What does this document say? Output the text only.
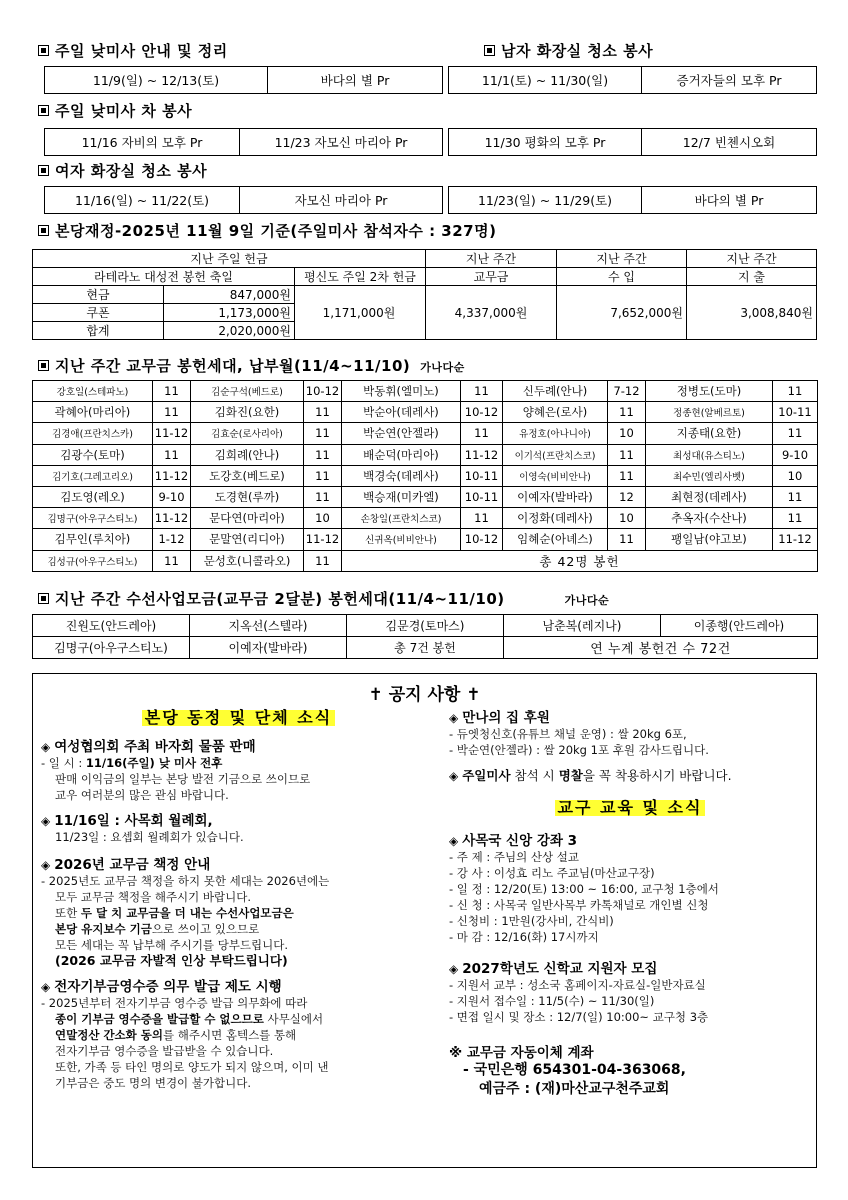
주일 낮미사 안내 및 정리
11/9(일) ~ 12/13(토)	바다의 별 Pr
남자 화장실 청소 봉사
11/1(토) ~ 11/30(일)	증거자들의 모후 Pr
주일 낮미사 차 봉사
11/16 자비의 모후 Pr	11/23 자모신 마리아 Pr	11/30 평화의 모후 Pr	12/7 빈첸시오회
여자 화장실 청소 봉사
11/16(일) ~ 11/22(토)	자모신 마리아 Pr	11/23(일) ~ 11/29(토)	바다의 별 Pr
본당재정-2025년 11월 9일 기준(주일미사 참석자수 : 327명)
지난 주일 헌금			지난 주간	지난 주간	지난 주간
라테라노 대성전 봉헌 축일		평신도 주일 2차 헌금	교무금	수 입	지 출
현금	847,000원	1,171,000원	4,337,000원	7,652,000원	3,008,840원
쿠폰	1,173,000원				
합계	2,020,000원				
지난 주간 교무금 봉헌세대, 납부월(11/4~11/10) 가나다순
강호일(스테파노)	11	김순구석(베드로)	10-12	박동휘(엘미노)	11	신두례(안나)	7-12	정병도(도마)	11
곽혜아(마리아)	11	김화진(요한)	11	박순아(데레사)	10-12	양혜은(로사)	11	정종현(알베르토)	10-11
김경애(프란치스카)	11-12	김효순(로사리아)	11	박순연(안젤라)	11	유정호(아나니아)	10	지종태(요한)	11
김광수(토마)	11	김희례(안나)	11	배순덕(마리아)	11-12	이기석(프란치스코)	11	최성대(유스티노)	9-10
김기호(그레고리오)	11-12	도강호(베드로)	11	백경숙(데레사)	10-11	이영숙(비비안나)	11	최수민(엘리사벳)	10
김도영(레오)	9-10	도경현(루까)	11	백승재(미카엘)	10-11	이예자(발바라)	12	최현정(데레사)	11
김명구(아우구스티노)	11-12	문다연(마리아)	10	손창일(프란치스코)	11	이정화(데레사)	10	추옥자(수산나)	11
김무인(루치아)	1-12	문말연(리디아)	11-12	신귀옥(비비안나)	10-12	임혜순(아녜스)	11	팽일남(야고보)	11-12
김성규(아우구스티노)	11	문성호(니콜라오)	11	총 42명 봉헌					
지난 주간 수선사업모금(교무금 2달분) 봉헌세대(11/4~11/10)	가나다순
진원도(안드레아)	지옥선(스텔라)	김문경(토마스)	남춘복(레지나)	이종행(안드레아)
김명구(아우구스티노)	이예자(발바라)	총 7건 봉헌	연 누계 봉헌건 수 72건	
✝ 공지 사항 ✝
본당 동정 및 단체 소식
◈ 여성협의회 주최 바자회 물품 판매
- 일 시 : 11/16(주일) 낮 미사 전후
판매 이익금의 일부는 본당 발전 기금으로 쓰이므로
교우 여러분의 많은 관심 바랍니다.
◈ 11/16일 : 사목회 월례회,
11/23일 : 요셉회 월례회가 있습니다.
◈ 2026년 교무금 책정 안내
- 2025년도 교무금 책정을 하지 못한 세대는 2026년에는
모두 교무금 책정을 해주시기 바랍니다.
또한 두 달 치 교무금을 더 내는 수선사업모금은
본당 유지보수 기금으로 쓰이고 있으므로
모든 세대는 꼭 납부해 주시기를 당부드립니다.
(2026 교무금 자발적 인상 부탁드립니다)
◈ 전자기부금영수증 의무 발급 제도 시행
- 2025년부터 전자기부금 영수증 발급 의무화에 따라
종이 기부금 영수증을 발급할 수 없으므로 사무실에서
연말정산 간소화 동의를 해주시면 홈텍스를 통해
전자기부금 영수증을 발급받을 수 있습니다.
또한, 가족 등 타인 명의로 양도가 되지 않으며, 이미 낸
기부금은 중도 명의 변경이 불가합니다.
◈ 만나의 집 후원
- 듀엣청신호(유튜브 채널 운영) : 쌀 20kg 6포,
- 박순연(안젤라) : 쌀 20kg 1포 후원 감사드립니다.
◈ 주일미사 참석 시 명찰을 꼭 착용하시기 바랍니다.
교구 교육 및 소식
◈ 사목국 신앙 강좌 3
- 주 제 : 주님의 산상 설교
- 강 사 : 이성효 리노 주교님(마산교구장)
- 일 정 : 12/20(토) 13:00 ~ 16:00, 교구청 1층에서
- 신 청 : 사목국 일반사목부 카톡채널로 개인별 신청
- 신청비 : 1만원(강사비, 간식비)
- 마 감 : 12/16(화) 17시까지
◈ 2027학년도 신학교 지원자 모집
- 지원서 교부 : 성소국 홈페이지-자료실-일반자료실
- 지원서 접수일 : 11/5(수) ~ 11/30(일)
- 면접 일시 및 장소 : 12/7(일) 10:00~ 교구청 3층
※ 교무금 자동이체 계좌
- 국민은행 654301-04-363068,
예금주 : (재)마산교구천주교회
